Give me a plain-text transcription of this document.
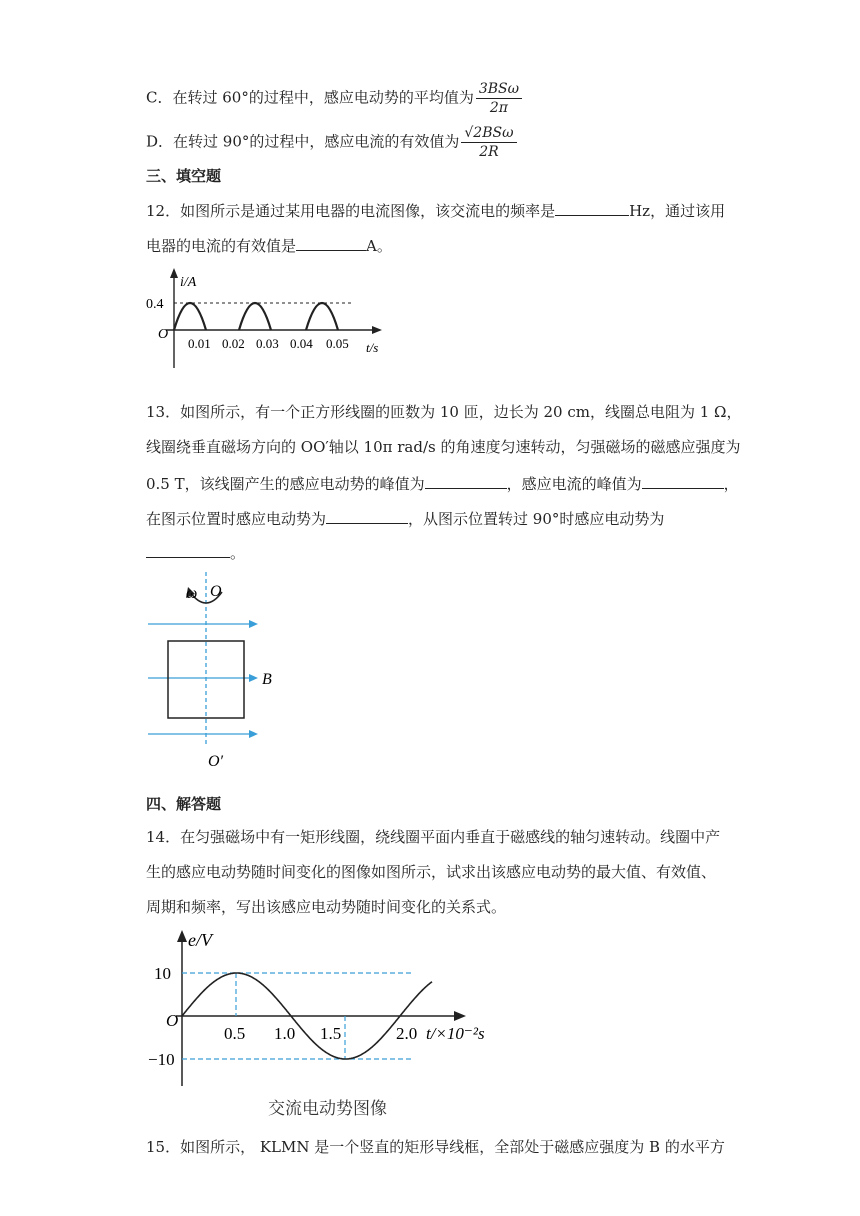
C．在转过 60°的过程中，感应电动势的平均值为 $\frac{\text{3BSω}}{2\pi}$
D．在转过 90°的过程中，感应电流的有效值为 $\frac{\text{√2BSω}}{2R}$
三、填空题
12．如图所示是通过某用电器的电流图像，该交流电的频率是	Hz，通过该用
电器的电流的有效值是	A。
i/A
0.4
O
0.01 0.02 0.03 0.04 0.05 t/s
13．如图所示，有一个正方形线圈的匝数为 10 匝，边长为 20 cm，线圈总电阻为 1 Ω，
线圈绕垂直磁场方向的 OO′轴以 10π rad/s 的角速度匀速转动，匀强磁场的磁感应强度为
0.5 T，该线圈产生的感应电动势的峰值为	，感应电流的峰值为	，
在图示位置时感应电动势为	，从图示位置转过 90°时感应电动势为
。
ω O
B
O′
四、解答题
14．在匀强磁场中有一矩形线圈，绕线圈平面内垂直于磁感线的轴匀速转动。线圈中产
生的感应电动势随时间变化的图像如图所示，试求出该感应电动势的最大值、有效值、
周期和频率，写出该感应电动势随时间变化的关系式。
e/V
10
−10
O
0.5 1.0 1.5	2.0 t/×10⁻²s
交流电动势图像
15．如图所示， KLMN 是一个竖直的矩形导线框，全部处于磁感应强度为 B 的水平方
